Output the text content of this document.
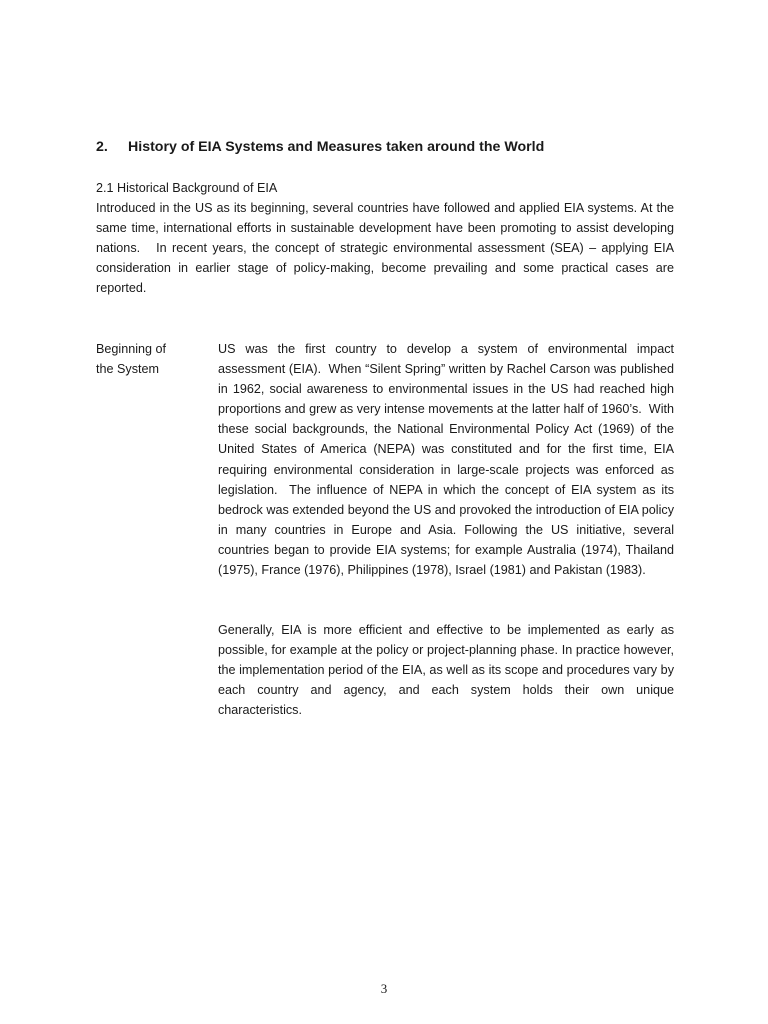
2. History of EIA Systems and Measures taken around the World
2.1 Historical Background of EIA

Introduced in the US as its beginning, several countries have followed and applied EIA systems. At the same time, international efforts in sustainable development have been promoting to assist developing nations.   In recent years, the concept of strategic environmental assessment (SEA) – applying EIA consideration in earlier stage of policy-making, become prevailing and some practical cases are reported.

Beginning of
the System

US was the first country to develop a system of environmental impact assessment (EIA).  When “Silent Spring” written by Rachel Carson was published in 1962, social awareness to environmental issues in the US had reached high proportions and grew as very intense movements at the latter half of 1960’s.  With these social backgrounds, the National Environmental Policy Act (1969) of the United States of America (NEPA) was constituted and for the first time, EIA requiring environmental consideration in large-scale projects was enforced as legislation.  The influence of NEPA in which the concept of EIA system as its bedrock was extended beyond the US and provoked the introduction of EIA policy in many countries in Europe and Asia. Following the US initiative, several countries began to provide EIA systems; for example Australia (1974), Thailand (1975), France (1976), Philippines (1978), Israel (1981) and Pakistan (1983).

Generally, EIA is more efficient and effective to be implemented as early as possible, for example at the policy or project-planning phase. In practice however, the implementation period of the EIA, as well as its scope and procedures vary by each country and agency, and each system holds their own unique characteristics.

3
